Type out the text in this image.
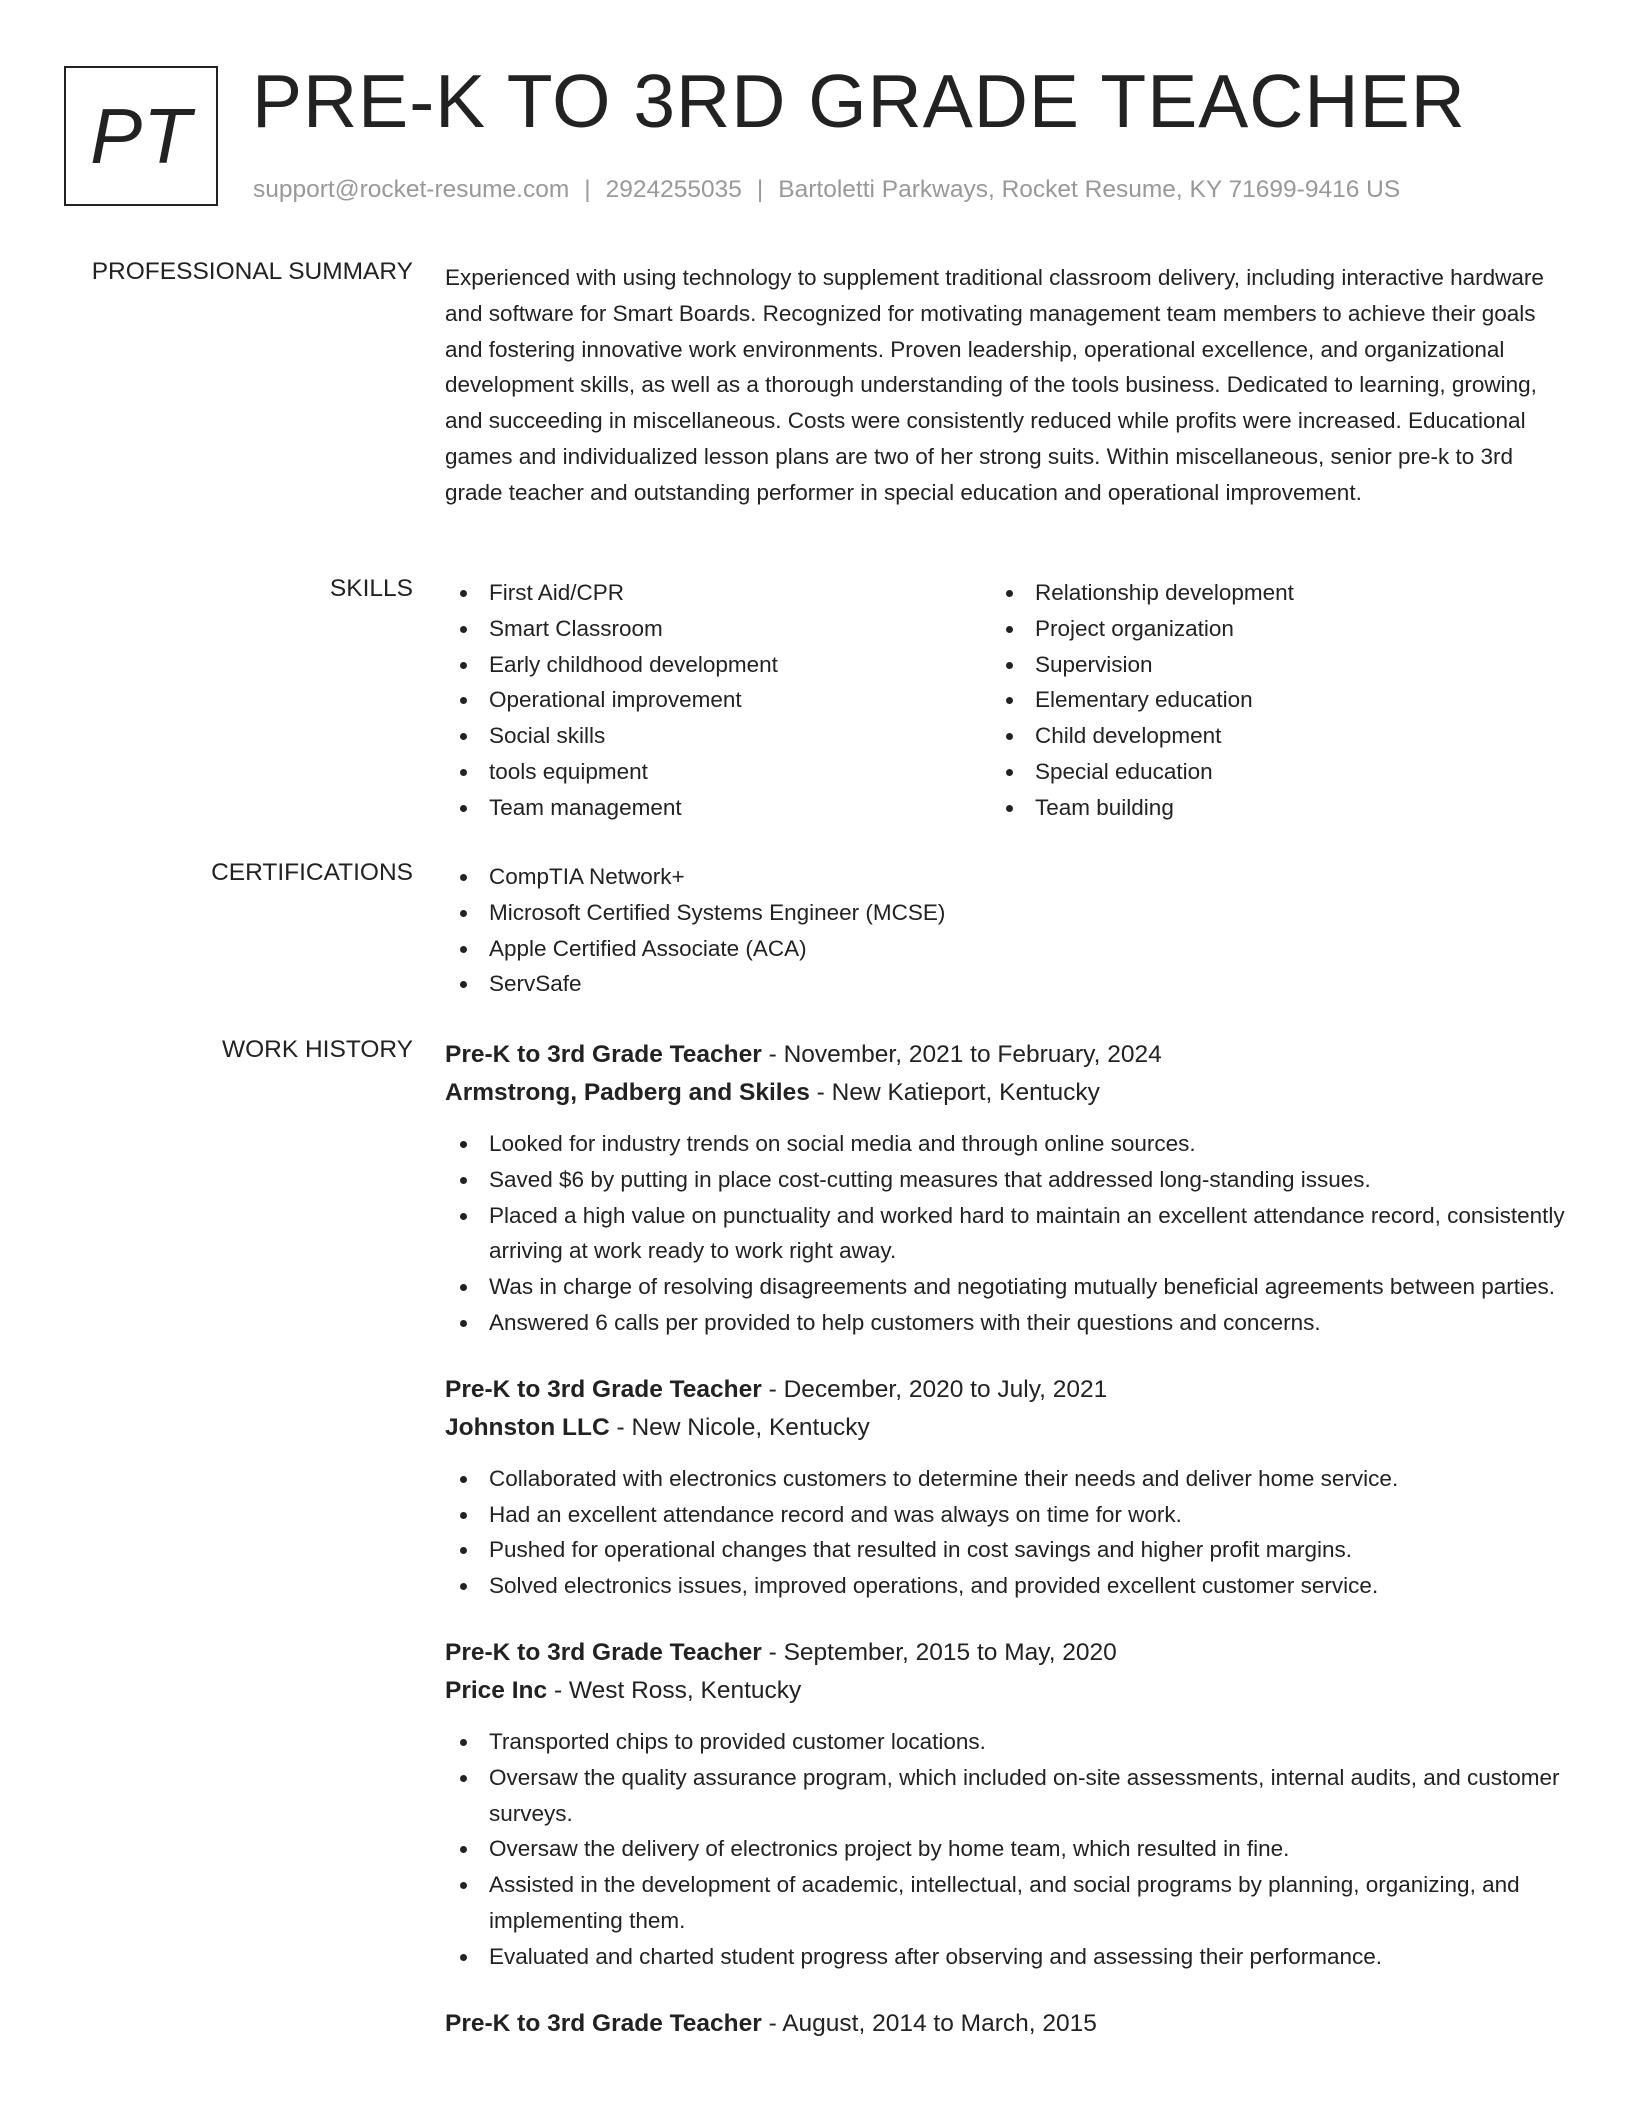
PT PRE-K TO 3RD GRADE TEACHER
support@rocket-resume.com | 2924255035 | Bartoletti Parkways, Rocket Resume, KY 71699-9416 US
PROFESSIONAL SUMMARY Experienced with using technology to supplement traditional classroom delivery, including interactive hardware and software for Smart Boards. Recognized for motivating management team members to achieve their goals and fostering innovative work environments. Proven leadership, operational excellence, and organizational development skills, as well as a thorough understanding of the tools business. Dedicated to learning, growing, and succeeding in miscellaneous. Costs were consistently reduced while profits were increased. Educational games and individualized lesson plans are two of her strong suits. Within miscellaneous, senior pre-k to 3rd grade teacher and outstanding performer in special education and operational improvement.
SKILLS	First Aid/CPR
Smart Classroom
Early childhood development
Operational improvement
Social skills
tools equipment
Team management
Relationship development
Project organization
Supervision
Elementary education
Child development
Special education
Team building
CERTIFICATIONS	CompTIA Network+
Microsoft Certified Systems Engineer (MCSE)
Apple Certified Associate (ACA)
ServSafe
WORK HISTORY Pre-K to 3rd Grade Teacher - November, 2021 to February, 2024
Armstrong, Padberg and Skiles - New Katieport, Kentucky
Looked for industry trends on social media and through online sources.
Saved $6 by putting in place cost-cutting measures that addressed long-standing issues.
Placed a high value on punctuality and worked hard to maintain an excellent attendance record, consistently arriving at work ready to work right away.
Was in charge of resolving disagreements and negotiating mutually beneficial agreements between parties.
Answered 6 calls per provided to help customers with their questions and concerns.
Pre-K to 3rd Grade Teacher - December, 2020 to July, 2021
Johnston LLC - New Nicole, Kentucky
Collaborated with electronics customers to determine their needs and deliver home service.
Had an excellent attendance record and was always on time for work.
Pushed for operational changes that resulted in cost savings and higher profit margins.
Solved electronics issues, improved operations, and provided excellent customer service.
Pre-K to 3rd Grade Teacher - September, 2015 to May, 2020
Price Inc - West Ross, Kentucky
Transported chips to provided customer locations.
Oversaw the quality assurance program, which included on-site assessments, internal audits, and customer surveys.
Oversaw the delivery of electronics project by home team, which resulted in fine.
Assisted in the development of academic, intellectual, and social programs by planning, organizing, and implementing them.
Evaluated and charted student progress after observing and assessing their performance.
Pre-K to 3rd Grade Teacher - August, 2014 to March, 2015
